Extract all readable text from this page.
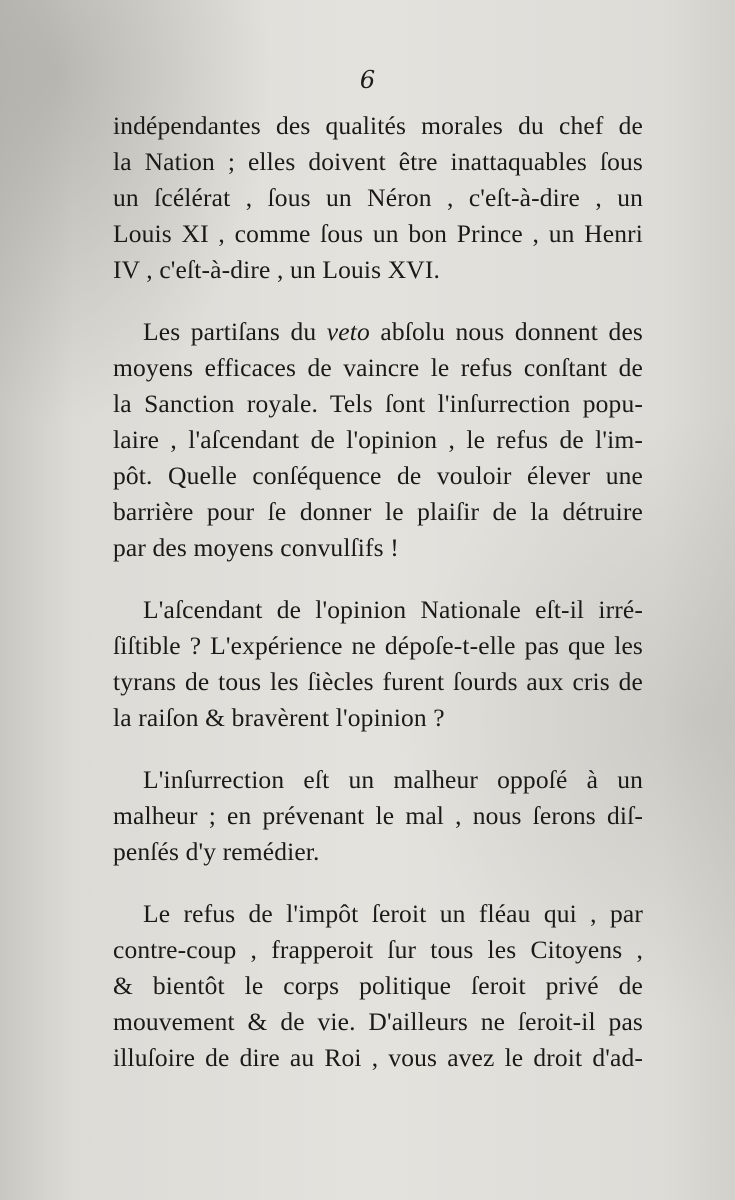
6

indépendantes des qualités morales du chef de
la Nation ; elles doivent être inattaquables ſous
un ſcélérat , ſous un Néron , c'eſt-à-dire , un
Louis XI , comme ſous un bon Prince , un Henri
IV , c'eſt-à-dire , un Louis XVI.
Les partiſans du veto abſolu nous donnent des
moyens efficaces de vaincre le refus conſtant de
la Sanction royale. Tels ſont l'inſurrection popu-
laire , l'aſcendant de l'opinion , le refus de l'im-
pôt. Quelle conſéquence de vouloir élever une
barrière pour ſe donner le plaiſir de la détruire
par des moyens convulſifs !
L'aſcendant de l'opinion Nationale eſt-il irré-
ſiſtible ? L'expérience ne dépoſe-t-elle pas que les
tyrans de tous les ſiècles furent ſourds aux cris de
la raiſon & bravèrent l'opinion ?
L'inſurrection eſt un malheur oppoſé à un
malheur ; en prévenant le mal , nous ſerons diſ-
penſés d'y remédier.
Le refus de l'impôt ſeroit un fléau qui , par
contre-coup , frapperoit ſur tous les Citoyens ,
& bientôt le corps politique ſeroit privé de
mouvement & de vie. D'ailleurs ne ſeroit-il pas
illuſoire de dire au Roi , vous avez le droit d'ad-
